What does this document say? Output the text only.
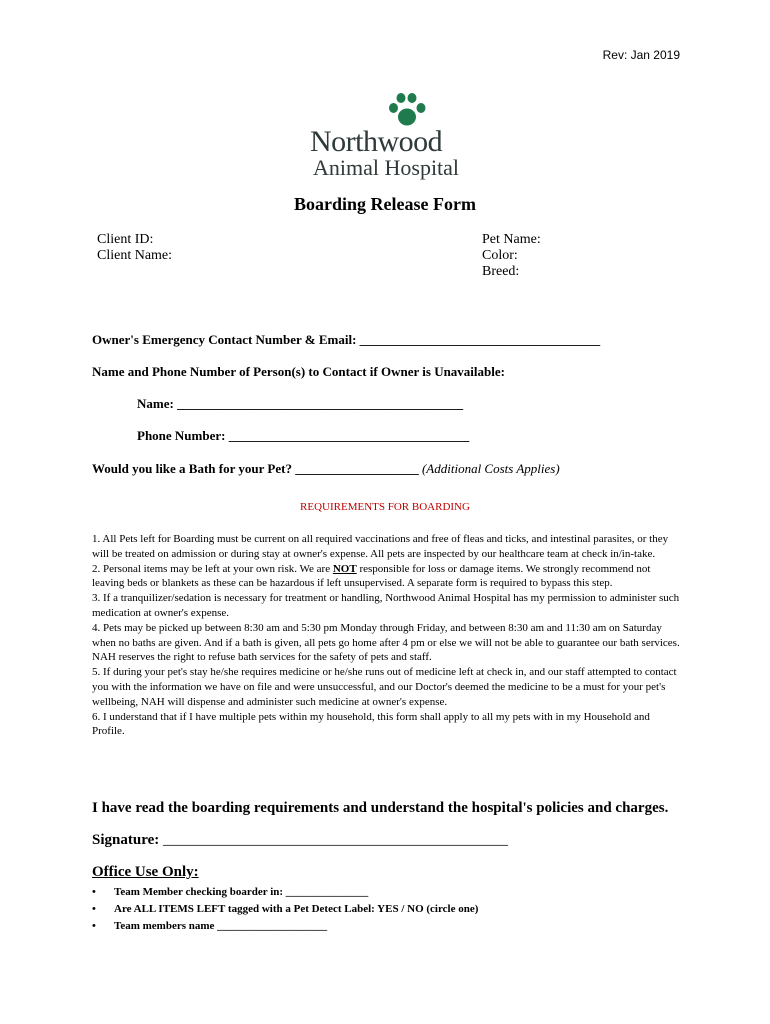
Rev: Jan 2019
Northwood
Animal Hospital
Boarding Release Form
Client ID:
Client Name:
Pet Name:
Color:
Breed:
Owner's Emergency Contact Number & Email: _____________________________________
Name and Phone Number of Person(s) to Contact if Owner is Unavailable:
Name: ____________________________________________
Phone Number: _____________________________________
Would you like a Bath for your Pet? ___________________ (Additional Costs Applies)
REQUIREMENTS FOR BOARDING

1. All Pets left for Boarding must be current on all required vaccinations and free of fleas and ticks, and intestinal parasites, or they will be treated on admission or during stay at owner's expense. All pets are inspected by our healthcare team at check in/in-take.

2. Personal items may be left at your own risk. We are NOT responsible for loss or damage items. We strongly recommend not leaving beds or blankets as these can be hazardous if left unsupervised. A separate form is required to bypass this step.

3. If a tranquilizer/sedation is necessary for treatment or handling, Northwood Animal Hospital has my permission to administer such medication at owner's expense.

4. Pets may be picked up between 8:30 am and 5:30 pm Monday through Friday, and between 8:30 am and 11:30 am on Saturday when no baths are given. And if a bath is given, all pets go home after 4 pm or else we will not be able to guarantee our bath services. NAH reserves the right to refuse bath services for the safety of pets and staff.

5. If during your pet's stay he/she requires medicine or he/she runs out of medicine left at check in, and our staff attempted to contact you with the information we have on file and were unsuccessful, and our Doctor's deemed the medicine to be a must for your pet's wellbeing, NAH will dispense and administer such medicine at owner's expense.

6. I understand that if I have multiple pets within my household, this form shall apply to all my pets with in my Household and Profile.

I have read the boarding requirements and understand the hospital's policies and charges.
Signature: ______________________________________________
Office Use Only:
• Team Member checking boarder in: _______________
• Are ALL ITEMS LEFT tagged with a Pet Detect Label: YES / NO (circle one)
• Team members name ____________________
